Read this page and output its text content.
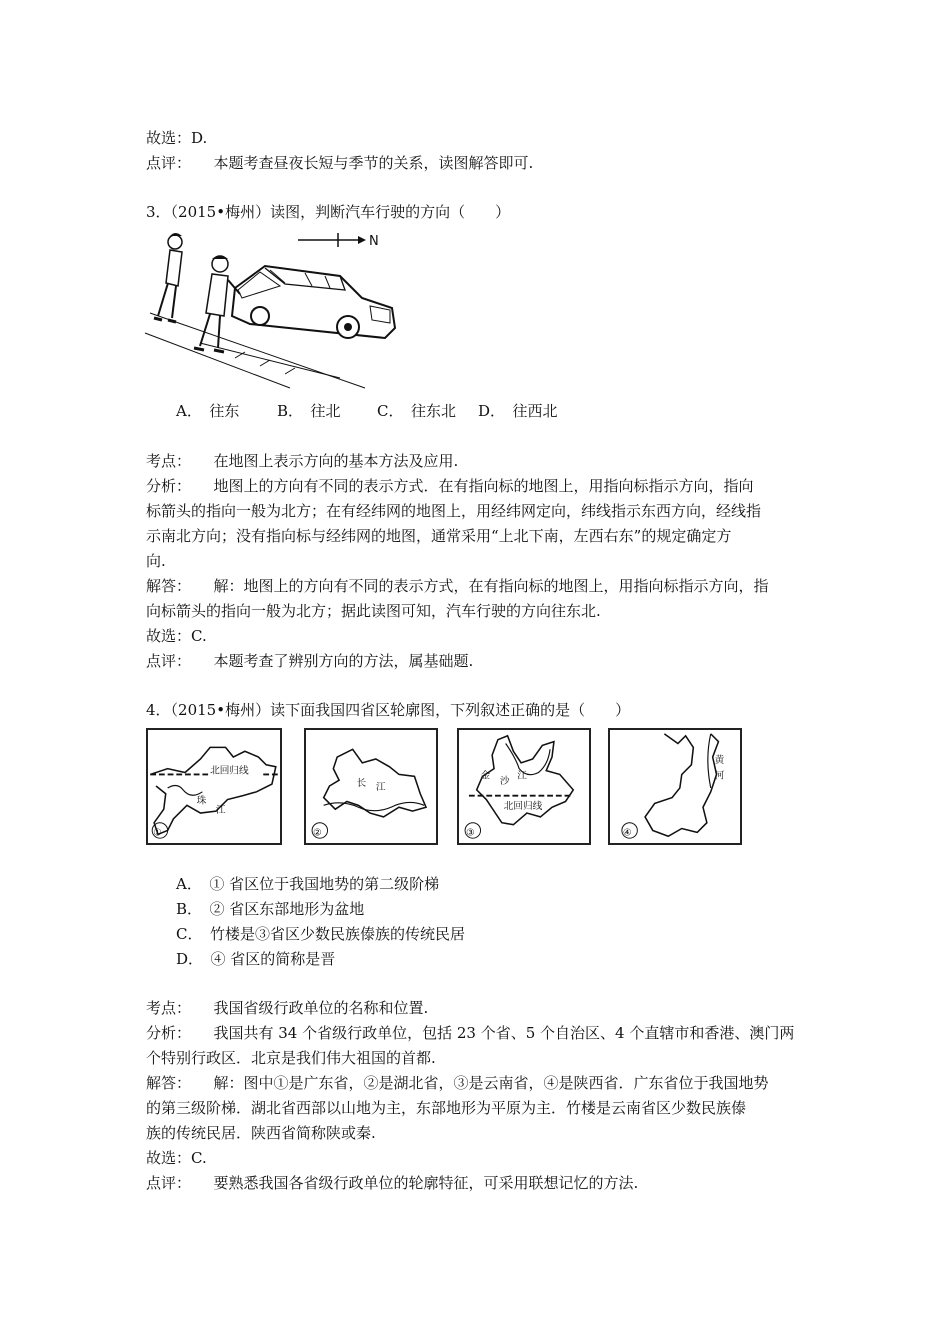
故选：D.
点评：　　本题考查昼夜长短与季节的关系，读图解答即可.
3．（2015•梅州）读图，判断汽车行驶的方向（　　）
N
A．　往东	B．　往北 C．　往东北 D．　往西北
考点：　　在地图上表示方向的基本方法及应用.
分析：　　地图上的方向有不同的表示方式．在有指向标的地图上，用指向标指示方向，指向
标箭头的指向一般为北方；在有经纬网的地图上，用经纬网定向，纬线指示东西方向，经线指
示南北方向；没有指向标与经纬网的地图，通常采用“上北下南，左西右东”的规定确定方
向.
解答：　　解：地图上的方向有不同的表示方式，在有指向标的地图上，用指向标指示方向，指
向标箭头的指向一般为北方；据此读图可知，汽车行驶的方向往东北.
故选：C.
点评：　　本题考查了辨别方向的方法，属基础题.
4．（2015•梅州）读下面我国四省区轮廓图，下列叙述正确的是（　　）
北回归线
珠
江
①
长 江
②
金
沙
江
北回归线
③
黄
河
④
A．　① 省区位于我国地势的第二级阶梯
B．　② 省区东部地形为盆地
C．　竹楼是③省区少数民族傣族的传统民居
D．　④ 省区的简称是晋
考点：　　我国省级行政单位的名称和位置.
分析：　　我国共有 34 个省级行政单位，包括 23 个省、5 个自治区、4 个直辖市和香港、澳门两
个特别行政区．北京是我们伟大祖国的首都.
解答：　　解：图中①是广东省，②是湖北省，③是云南省，④是陕西省．广东省位于我国地势
的第三级阶梯．湖北省西部以山地为主，东部地形为平原为主．竹楼是云南省区少数民族傣
族的传统民居．陕西省简称陕或秦.
故选：C.
点评：　　要熟悉我国各省级行政单位的轮廓特征，可采用联想记忆的方法.
